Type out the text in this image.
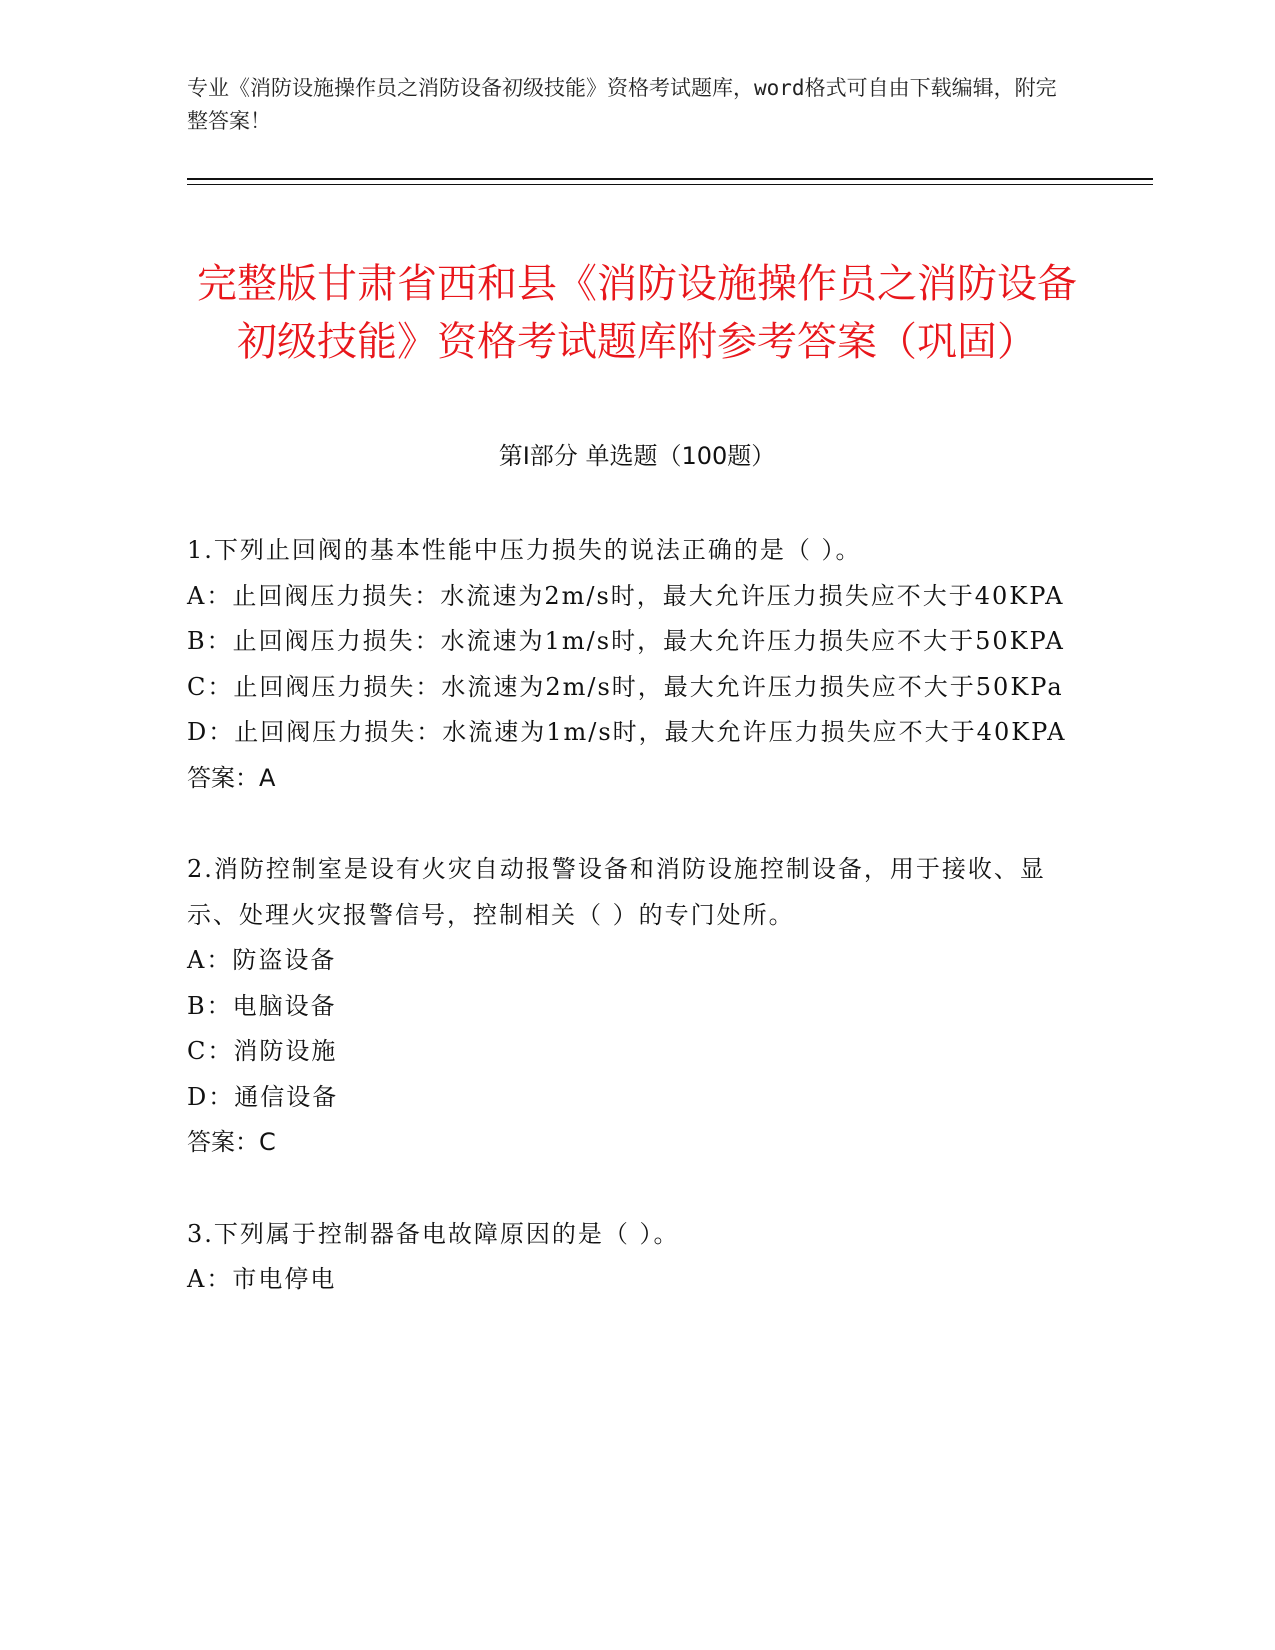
专业《消防设施操作员之消防设备初级技能》资格考试题库，word格式可自由下载编辑，附完整答案！
完整版甘肃省西和县《消防设施操作员之消防设备初级技能》资格考试题库附参考答案（巩固）
第I部分 单选题（100题）
1.下列止回阀的基本性能中压力损失的说法正确的是（ ）。
A：止回阀压力损失：水流速为2m/s时，最大允许压力损失应不大于40KPA
B：止回阀压力损失：水流速为1m/s时，最大允许压力损失应不大于50KPA
C：止回阀压力损失：水流速为2m/s时，最大允许压力损失应不大于50KPa
D：止回阀压力损失：水流速为1m/s时，最大允许压力损失应不大于40KPA
答案：A
2.消防控制室是设有火灾自动报警设备和消防设施控制设备，用于接收、显示、处理火灾报警信号，控制相关（ ）的专门处所。
A：防盗设备
B：电脑设备
C：消防设施
D：通信设备
答案：C
3.下列属于控制器备电故障原因的是（ ）。
A：市电停电
